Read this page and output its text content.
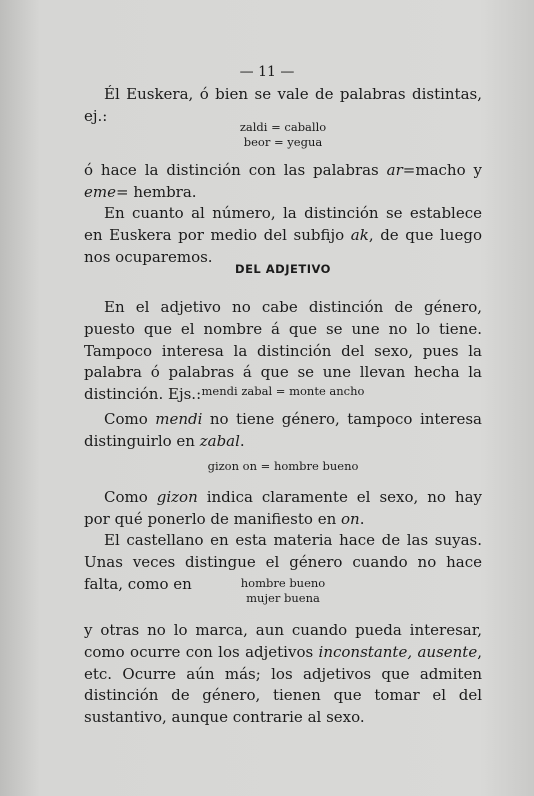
— 11 —

Él Euskera, ó bien se vale de palabras distintas, ej.:

zaldi = caballo
beor = yegua

ó hace la distinción con las palabras ar=macho y eme= hembra.

En cuanto al número, la distinción se establece en Euskera por medio del subfijo ak, de que luego nos ocuparemos.

DEL ADJETIVO

En el adjetivo no cabe distinción de género, puesto que el nombre á que se une no lo tiene. Tampoco interesa la distinción del sexo, pues la palabra ó palabras á que se une llevan hecha la distinción. Ejs.: mendi zabal = monte ancho

Como mendi no tiene género, tampoco interesa distinguirlo en zabal.

gizon on = hombre bueno

Como gizon indica claramente el sexo, no hay por qué ponerlo de manifiesto en on.

El castellano en esta materia hace de las suyas. Unas veces distingue el género cuando no hace falta, como en	hombre bueno
mujer buena

y otras no lo marca, aun cuando pueda interesar, como ocurre con los adjetivos inconstante, ausente, etc. Ocurre aún más; los adjetivos que admiten distinción de género, tienen que tomar el del sustantivo, aunque contrarie al sexo.
